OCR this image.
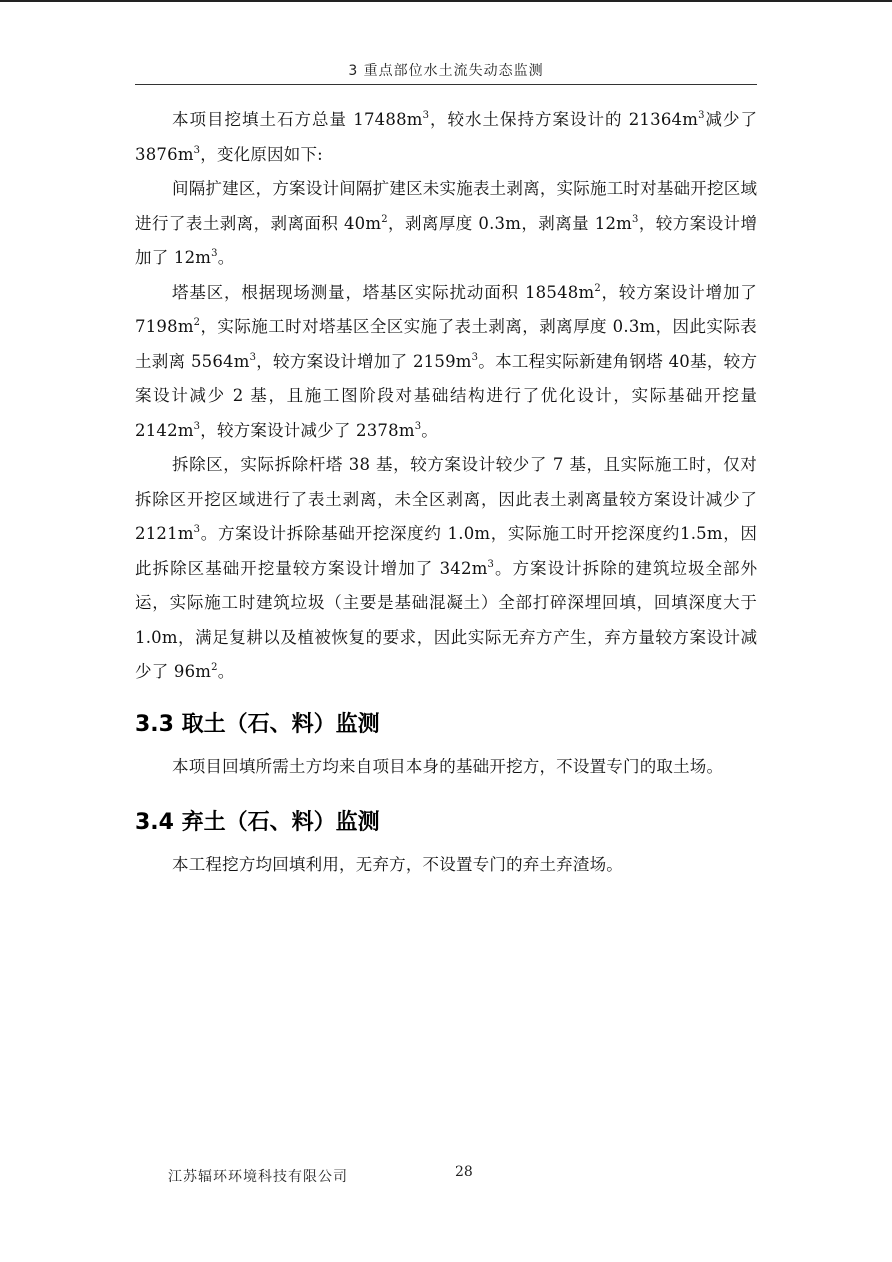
3 重点部位水土流失动态监测

本项目挖填土石方总量 $17488m^3$，较水土保持方案设计的 $21364m^3$减少了 $3876m^3$，变化原因如下:

间隔扩建区，方案设计间隔扩建区未实施表土剥离，实际施工时对基础开挖区域进行了表土剥离，剥离面积 $40m^2$，剥离厚度 0.3m，剥离量 $12m^3$，较方案设计增加了 $12m^3$。

塔基区，根据现场测量，塔基区实际扰动面积 $18548m^2$，较方案设计增加了 $7198m^2$，实际施工时对塔基区全区实施了表土剥离，剥离厚度 0.3m，因此实际表土剥离 $5564m^3$，较方案设计增加了 $2159m^3$。本工程实际新建角钢塔 40基，较方案设计减少 2 基，且施工图阶段对基础结构进行了优化设计，实际基础开挖量 $2142m^3$，较方案设计减少了 $2378m^3$。

拆除区，实际拆除杆塔 38 基，较方案设计较少了 7 基，且实际施工时，仅对拆除区开挖区域进行了表土剥离，未全区剥离，因此表土剥离量较方案设计减少了 $2121m^3$。方案设计拆除基础开挖深度约 1.0m，实际施工时开挖深度约1.5m，因此拆除区基础开挖量较方案设计增加了 $342m^3$。方案设计拆除的建筑垃圾全部外运，实际施工时建筑垃圾（主要是基础混凝土）全部打碎深埋回填，回填深度大于 1.0m，满足复耕以及植被恢复的要求，因此实际无弃方产生，弃方量较方案设计减少了 $96m^2$。

3.3 取土（石、料）监测

本项目回填所需土方均来自项目本身的基础开挖方，不设置专门的取土场。

3.4 弃土（石、料）监测

本工程挖方均回填利用，无弃方，不设置专门的弃土弃渣场。

江苏辐环环境科技有限公司	28
